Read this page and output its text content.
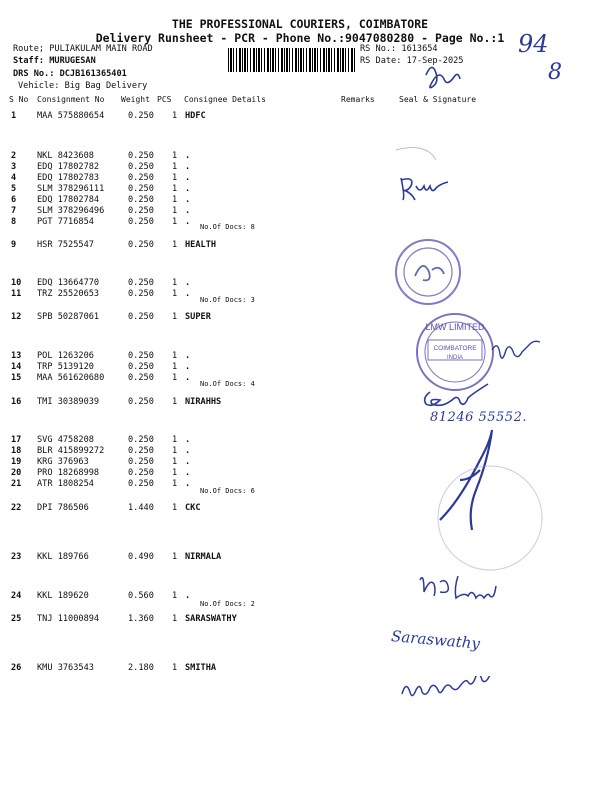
THE PROFESSIONAL COURIERS, COIMBATORE
Delivery Runsheet - PCR - Phone No.:9047080280 - Page No.:1
Route; PULIAKULAM MAIN ROAD
Staff: MURUGESAN
DRS No.: DCJB161365401
Vehicle: Big Bag Delivery
RS No.: 1613654
RS Date: 17-Sep-2025
94
8
S No Consignment No Weight PCS Consignee Details	Remarks	Seal & Signature
1 MAA 575880654	0.250 1 HDFC
2 NKL 8423608	0.250 1 .
3 EDQ 17802782	0.250 1 .
4 EDQ 17802783	0.250 1 .
5 SLM 378296111	0.250 1 .
6 EDQ 17802784	0.250 1 .
7 SLM 378296496	0.250 1 .
8 PGT 7716854	0.250 1 .
9 HSR 7525547	0.250 1 HEALTH
10 EDQ 13664770	0.250 1 .
11 TRZ 25520653	0.250 1 .
12 SPB 50287061	0.250 1 SUPER
13 POL 1263206	0.250 1 .
14 TRP 5139120	0.250 1 .
15 MAA 561620680	0.250 1 .
16 TMI 30389039	0.250 1 NIRAHHS
17 SVG 4758208	0.250 1 .
18 BLR 415899272	0.250 1 .
19 KRG 376963	0.250 1 .
20 PRO 18268998	0.250 1 .
21 ATR 1808254	0.250 1 .
22 DPI 786506	1.440 1 CKC
23 KKL 189766	0.490 1 NIRMALA
24 KKL 189620	0.560 1 .
25 TNJ 11000894	1.360 1 SARASWATHY
26 KMU 3763543	2.180 1 SMITHA
No.Of Docs: 8
No.Of Docs: 3
No.Of Docs: 4
No.Of Docs: 6
No.Of Docs: 2
LMW LIMITED
COIMBATORE
INDIA
81246 55552.
Saraswathy
